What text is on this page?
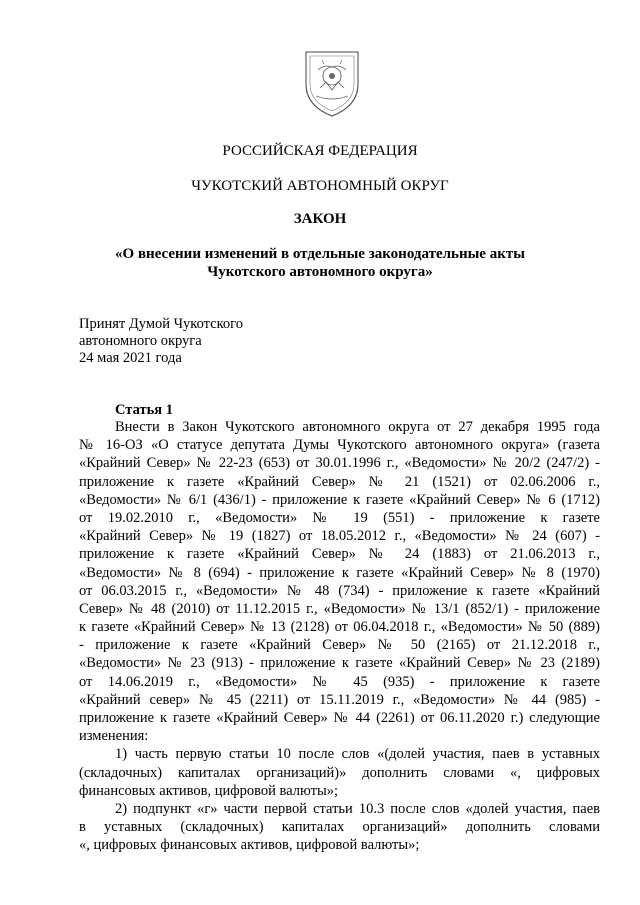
РОССИЙСКАЯ ФЕДЕРАЦИЯ
ЧУКОТСКИЙ АВТОНОМНЫЙ ОКРУГ
ЗАКОН
«О внесении изменений в отдельные законодательные акты
Чукотского автономного округа»
Принят Думой Чукотского
автономного округа
24 мая 2021 года
Статья 1
Внести в Закон Чукотского автономного округа от 27 декабря 1995 года
№ 16-ОЗ «О статусе депутата Думы Чукотского автономного округа» (газета
«Крайний Север» № 22-23 (653) от 30.01.1996 г., «Ведомости» № 20/2 (247/2) -
приложение к газете «Крайний Север» № 21 (1521) от 02.06.2006 г.,
«Ведомости» № 6/1 (436/1) - приложение к газете «Крайний Север» № 6 (1712)
от 19.02.2010 г., «Ведомости» № 19 (551) - приложение к газете
«Крайний Север» № 19 (1827) от 18.05.2012 г., «Ведомости» № 24 (607) -
приложение к газете «Крайний Север» № 24 (1883) от 21.06.2013 г.,
«Ведомости» № 8 (694) - приложение к газете «Крайний Север» № 8 (1970)
от 06.03.2015 г., «Ведомости» № 48 (734) - приложение к газете «Крайний
Север» № 48 (2010) от 11.12.2015 г., «Ведомости» № 13/1 (852/1) - приложение
к газете «Крайний Север» № 13 (2128) от 06.04.2018 г., «Ведомости» № 50 (889)
- приложение к газете «Крайний Север» № 50 (2165) от 21.12.2018 г.,
«Ведомости» № 23 (913) - приложение к газете «Крайний Север» № 23 (2189)
от 14.06.2019 г., «Ведомости» № 45 (935) - приложение к газете
«Крайний север» № 45 (2211) от 15.11.2019 г., «Ведомости» № 44 (985) -
приложение к газете «Крайний Север» № 44 (2261) от 06.11.2020 г.) следующие
изменения:
1) часть первую статьи 10 после слов «(долей участия, паев в уставных
(складочных) капиталах организаций)» дополнить словами «, цифровых
финансовых активов, цифровой валюты»;
2) подпункт «г» части первой статьи 10.3 после слов «долей участия, паев
в уставных (складочных) капиталах организаций» дополнить словами
«, цифровых финансовых активов, цифровой валюты»;
